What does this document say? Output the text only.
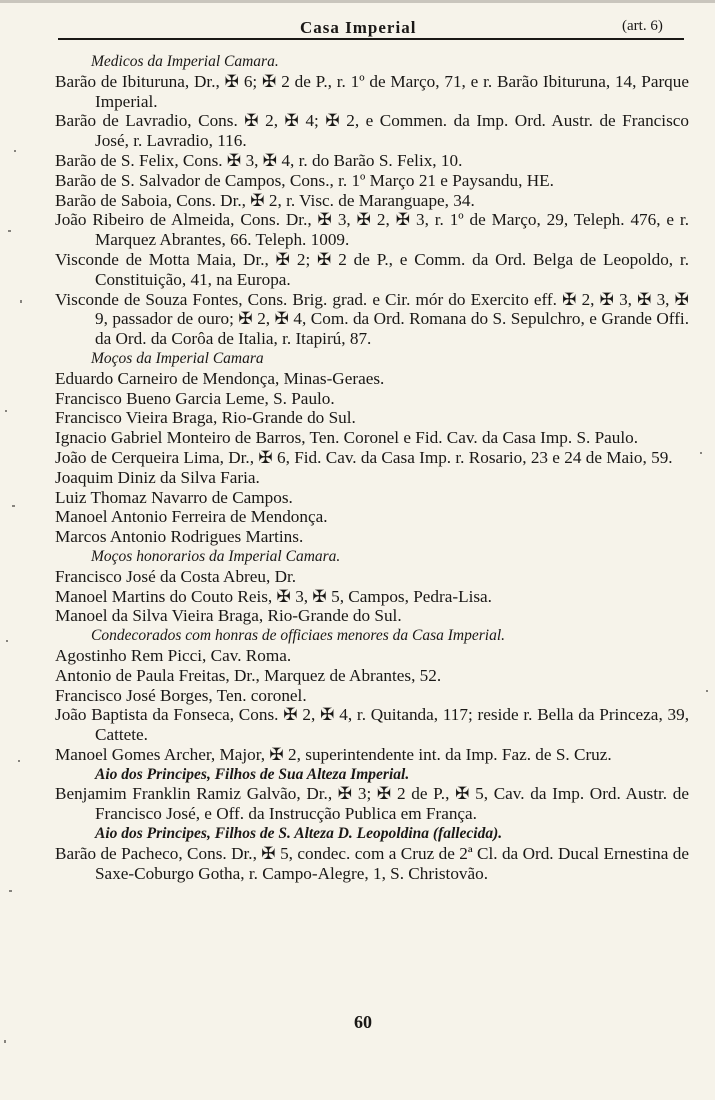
Casa Imperial	(art. 6)
Medicos da Imperial Camara.
Barão de Ibituruna, Dr., ✠ 6; ✠ 2 de P., r. 1º de Março, 71, e r. Barão Ibituruna, 14, Parque Imperial.
Barão de Lavradio, Cons. ✠ 2, ✠ 4; ✠ 2, e Commen. da Imp. Ord. Austr. de Francisco José, r. Lavradio, 116.
Barão de S. Felix, Cons. ✠ 3, ✠ 4, r. do Barão S. Felix, 10.
Barão de S. Salvador de Campos, Cons., r. 1º Março 21 e Paysandu, HE.
Barão de Saboia, Cons. Dr., ✠ 2, r. Visc. de Maranguape, 34.
João Ribeiro de Almeida, Cons. Dr., ✠ 3, ✠ 2, ✠ 3, r. 1º de Março, 29, Teleph. 476, e r. Marquez Abrantes, 66. Teleph. 1009.
Visconde de Motta Maia, Dr., ✠ 2; ✠ 2 de P., e Comm. da Ord. Belga de Leopoldo, r. Constituição, 41, na Europa.
Visconde de Souza Fontes, Cons. Brig. grad. e Cir. mór do Exercito eff. ✠ 2, ✠ 3, ✠ 3, ✠ 9, passador de ouro; ✠ 2, ✠ 4, Com. da Ord. Romana do S. Sepulchro, e Grande Offi. da Ord. da Corôa de Italia, r. Itapirú, 87.
Moços da Imperial Camara
Eduardo Carneiro de Mendonça, Minas-Geraes.
Francisco Bueno Garcia Leme, S. Paulo.
Francisco Vieira Braga, Rio-Grande do Sul.
Ignacio Gabriel Monteiro de Barros, Ten. Coronel e Fid. Cav. da Casa Imp. S. Paulo.
João de Cerqueira Lima, Dr., ✠ 6, Fid. Cav. da Casa Imp. r. Rosario, 23 e 24 de Maio, 59.
Joaquim Diniz da Silva Faria.
Luiz Thomaz Navarro de Campos.
Manoel Antonio Ferreira de Mendonça.
Marcos Antonio Rodrigues Martins.
Moços honorarios da Imperial Camara.
Francisco José da Costa Abreu, Dr.
Manoel Martins do Couto Reis, ✠ 3, ✠ 5, Campos, Pedra-Lisa.
Manoel da Silva Vieira Braga, Rio-Grande do Sul.
Condecorados com honras de officiaes menores da Casa Imperial.
Agostinho Rem Picci, Cav. Roma.
Antonio de Paula Freitas, Dr., Marquez de Abrantes, 52.
Francisco José Borges, Ten. coronel.
João Baptista da Fonseca, Cons. ✠ 2, ✠ 4, r. Quitanda, 117; reside r. Bella da Princeza, 39, Cattete.
Manoel Gomes Archer, Major, ✠ 2, superintendente int. da Imp. Faz. de S. Cruz.
Aio dos Principes, Filhos de Sua Alteza Imperial.
Benjamim Franklin Ramiz Galvão, Dr., ✠ 3; ✠ 2 de P., ✠ 5, Cav. da Imp. Ord. Austr. de Francisco José, e Off. da Instrucção Publica em França.
Aio dos Principes, Filhos de S. Alteza D. Leopoldina (fallecida).
Barão de Pacheco, Cons. Dr., ✠ 5, condec. com a Cruz de 2ª Cl. da Ord. Ducal Ernestina de Saxe-Coburgo Gotha, r. Campo-Alegre, 1, S. Christovão.
60
